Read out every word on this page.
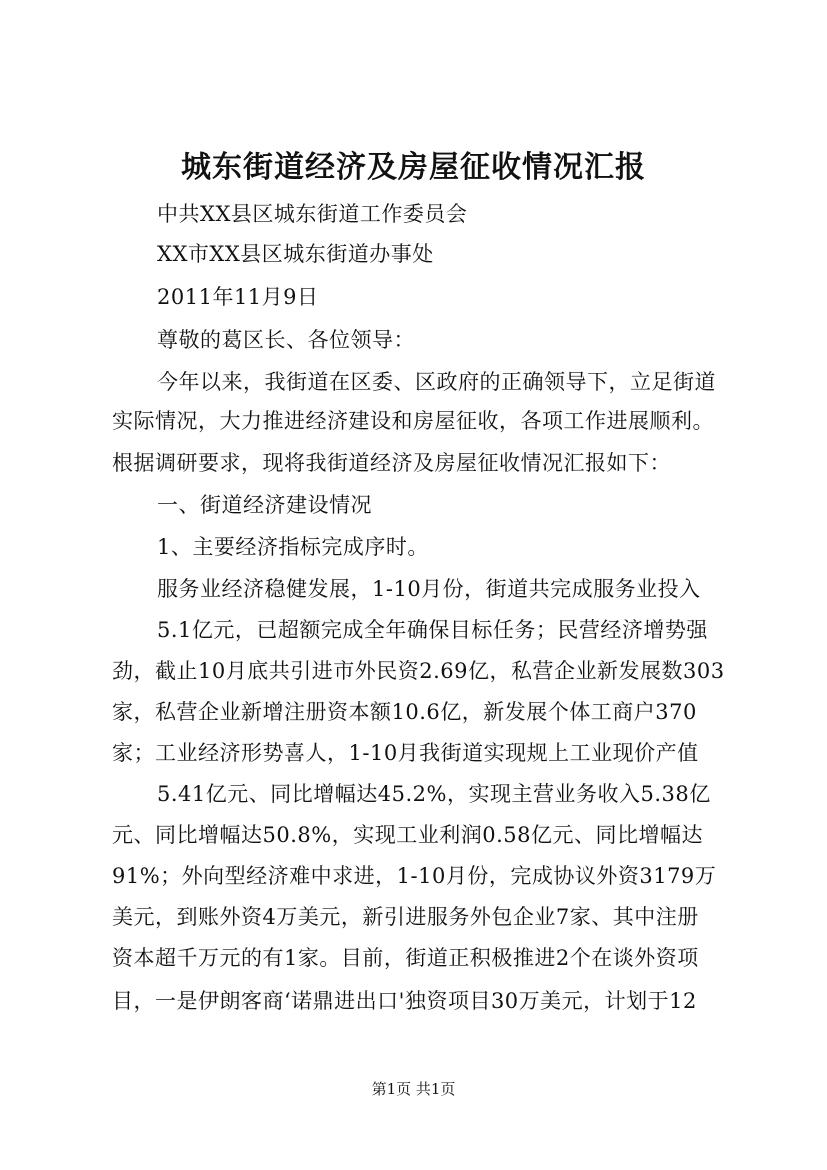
城东街道经济及房屋征收情况汇报
中共XX县区城东街道工作委员会
XX市XX县区城东街道办事处
2011年11月9日
尊敬的葛区长、各位领导：
今年以来，我街道在区委、区政府的正确领导下，立足街道
实际情况，大力推进经济建设和房屋征收，各项工作进展顺利。
根据调研要求，现将我街道经济及房屋征收情况汇报如下：
一、街道经济建设情况
1、主要经济指标完成序时。
服务业经济稳健发展，1-10月份，街道共完成服务业投入
5.1亿元，已超额完成全年确保目标任务；民营经济增势强
劲，截止10月底共引进市外民资2.69亿，私营企业新发展数303
家，私营企业新增注册资本额10.6亿，新发展个体工商户370
家；工业经济形势喜人，1-10月我街道实现规上工业现价产值
5.41亿元、同比增幅达45.2%，实现主营业务收入5.38亿
元、同比增幅达50.8%，实现工业利润0.58亿元、同比增幅达
91%；外向型经济难中求进，1-10月份，完成协议外资3179万
美元，到账外资4万美元，新引进服务外包企业7家、其中注册
资本超千万元的有1家。目前，街道正积极推进2个在谈外资项
目，一是伊朗客商‘诺鼎进出口'独资项目30万美元，计划于12
第1页 共1页
